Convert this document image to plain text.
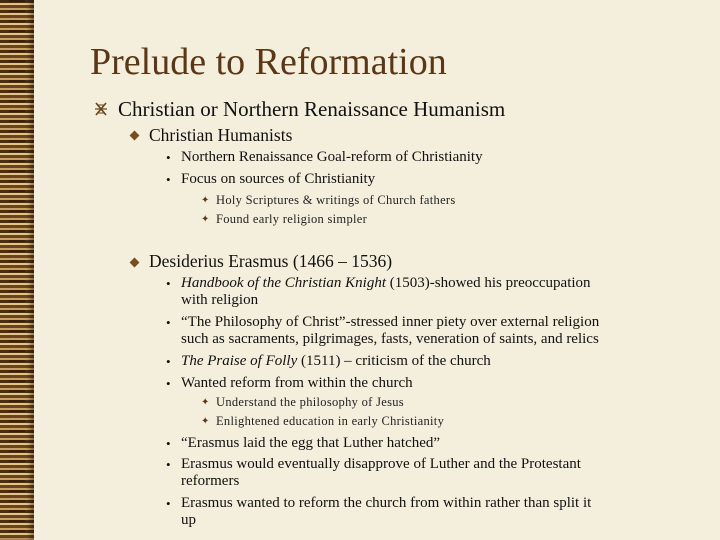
Prelude to Reformation
Christian or Northern Renaissance Humanism
Christian Humanists
• Northern Renaissance Goal-reform of Christianity
• Focus on sources of Christianity
✦ Holy Scriptures & writings of Church fathers
✦ Found early religion simpler
Desiderius Erasmus (1466 – 1536)
• Handbook of the Christian Knight (1503)-showed his preoccupation
with religion
• “The Philosophy of Christ”-stressed inner piety over external religion
such as sacraments, pilgrimages, fasts, veneration of saints, and relics
• The Praise of Folly (1511) – criticism of the church
• Wanted reform from within the church
✦ Understand the philosophy of Jesus
✦ Enlightened education in early Christianity
• “Erasmus laid the egg that Luther hatched”
• Erasmus would eventually disapprove of Luther and the Protestant
reformers
• Erasmus wanted to reform the church from within rather than split it
up
